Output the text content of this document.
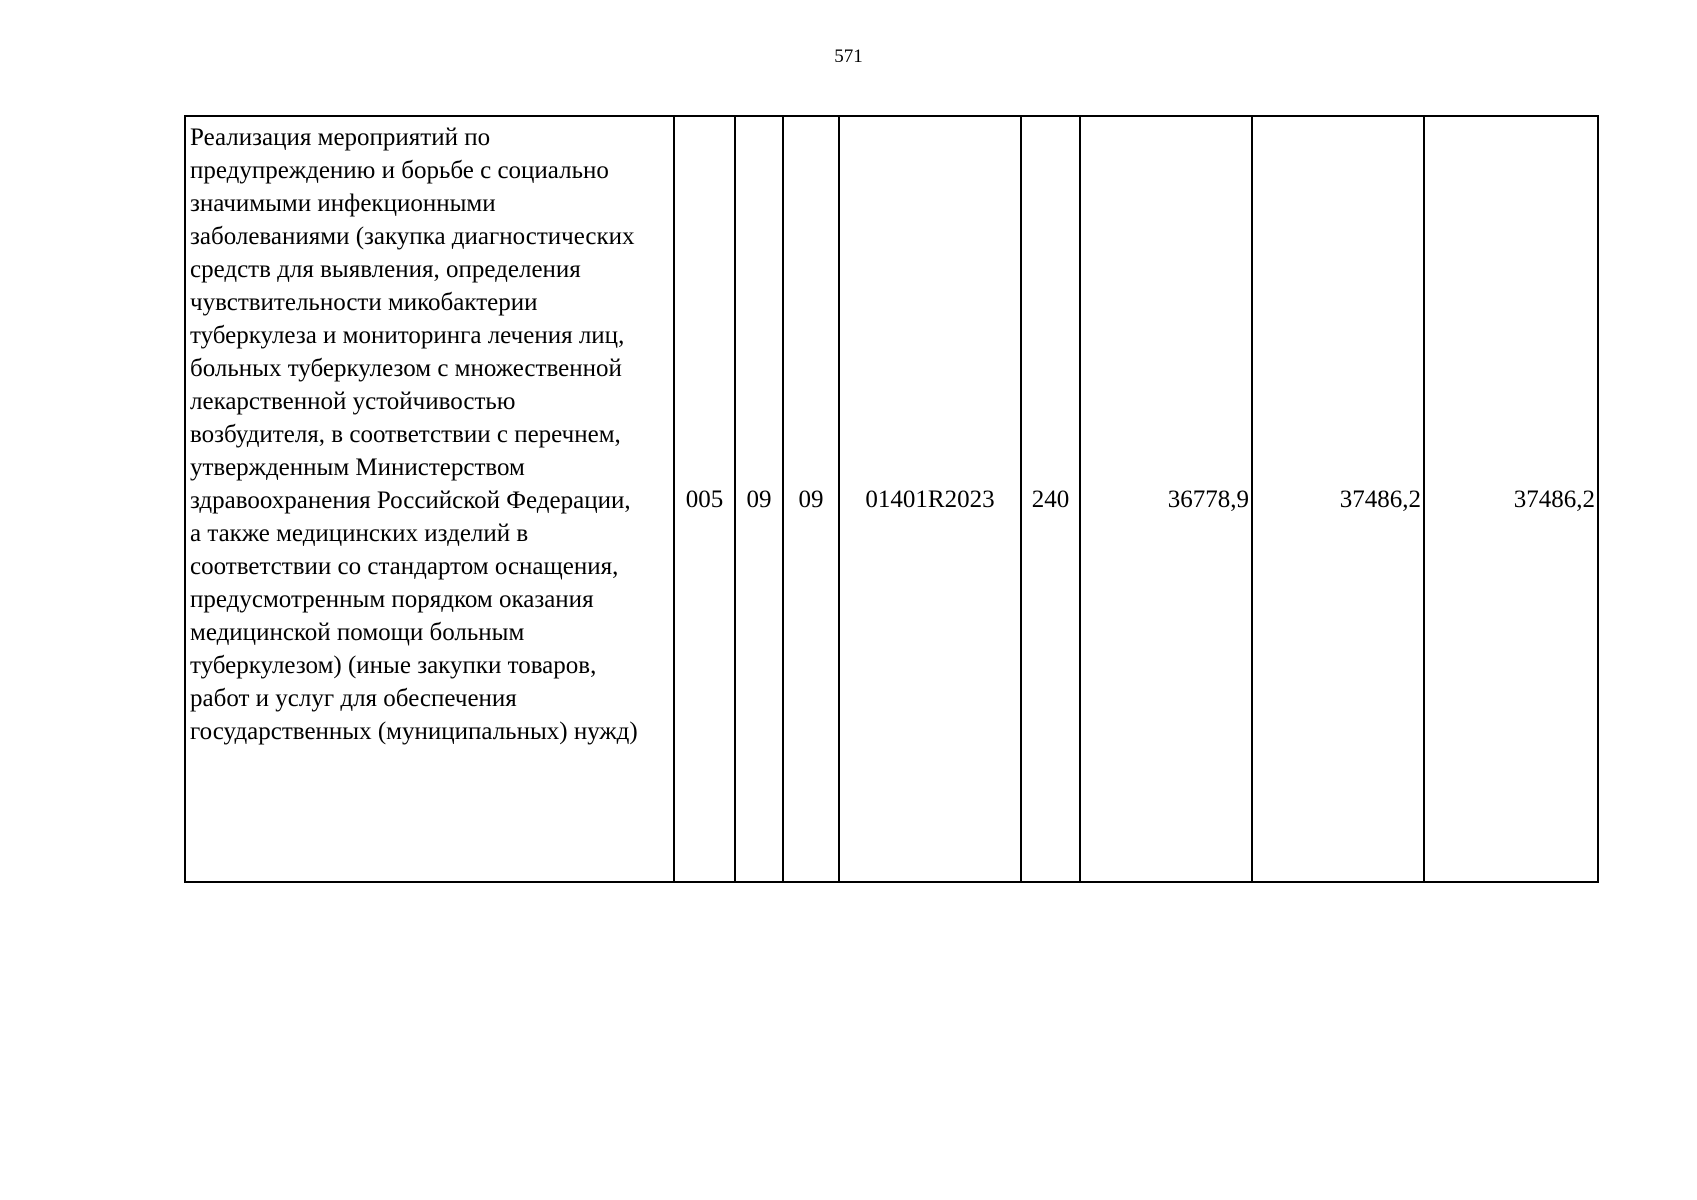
571
Реализация мероприятий по
предупреждению и борьбе с социально
значимыми инфекционными
заболеваниями (закупка диагностических
средств для выявления, определения
чувствительности микобактерии
туберкулеза и мониторинга лечения лиц,
больных туберкулезом с множественной
лекарственной устойчивостью
возбудителя, в соответствии с перечнем,
утвержденным Министерством
здравоохранения Российской Федерации,
а также медицинских изделий в
соответствии со стандартом оснащения,
предусмотренным порядком оказания
медицинской помощи больным
туберкулезом) (иные закупки товаров,
работ и услуг для обеспечения
государственных (муниципальных) нужд)	005	09	09	01401R2023	240	36778,9	37486,2	37486,2
